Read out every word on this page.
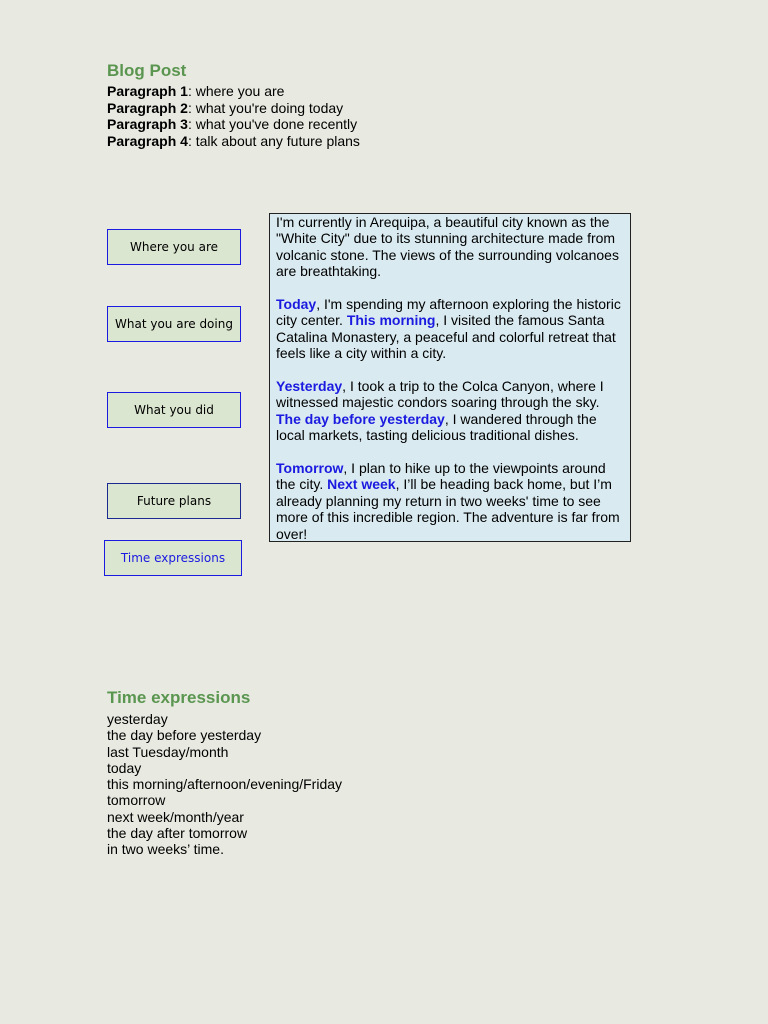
Blog Post
Paragraph 1: where you are
Paragraph 2: what you're doing today
Paragraph 3: what you've done recently
Paragraph 4: talk about any future plans
Where you are
What you are doing
What you did
Future plans
Time expressions

I'm currently in Arequipa, a beautiful city known as the "White City" due to its stunning architecture made from volcanic stone. The views of the surrounding volcanoes are breathtaking.

Today, I'm spending my afternoon exploring the historic city center. This morning, I visited the famous Santa Catalina Monastery, a peaceful and colorful retreat that feels like a city within a city.

Yesterday, I took a trip to the Colca Canyon, where I witnessed majestic condors soaring through the sky. The day before yesterday, I wandered through the local markets, tasting delicious traditional dishes.

Tomorrow, I plan to hike up to the viewpoints around the city. Next week, I’ll be heading back home, but I’m already planning my return in two weeks' time to see more of this incredible region. The adventure is far from over!

Time expressions
yesterday
the day before yesterday
last Tuesday/month
today
this morning/afternoon/evening/Friday
tomorrow
next week/month/year
the day after tomorrow
in two weeks’ time.
